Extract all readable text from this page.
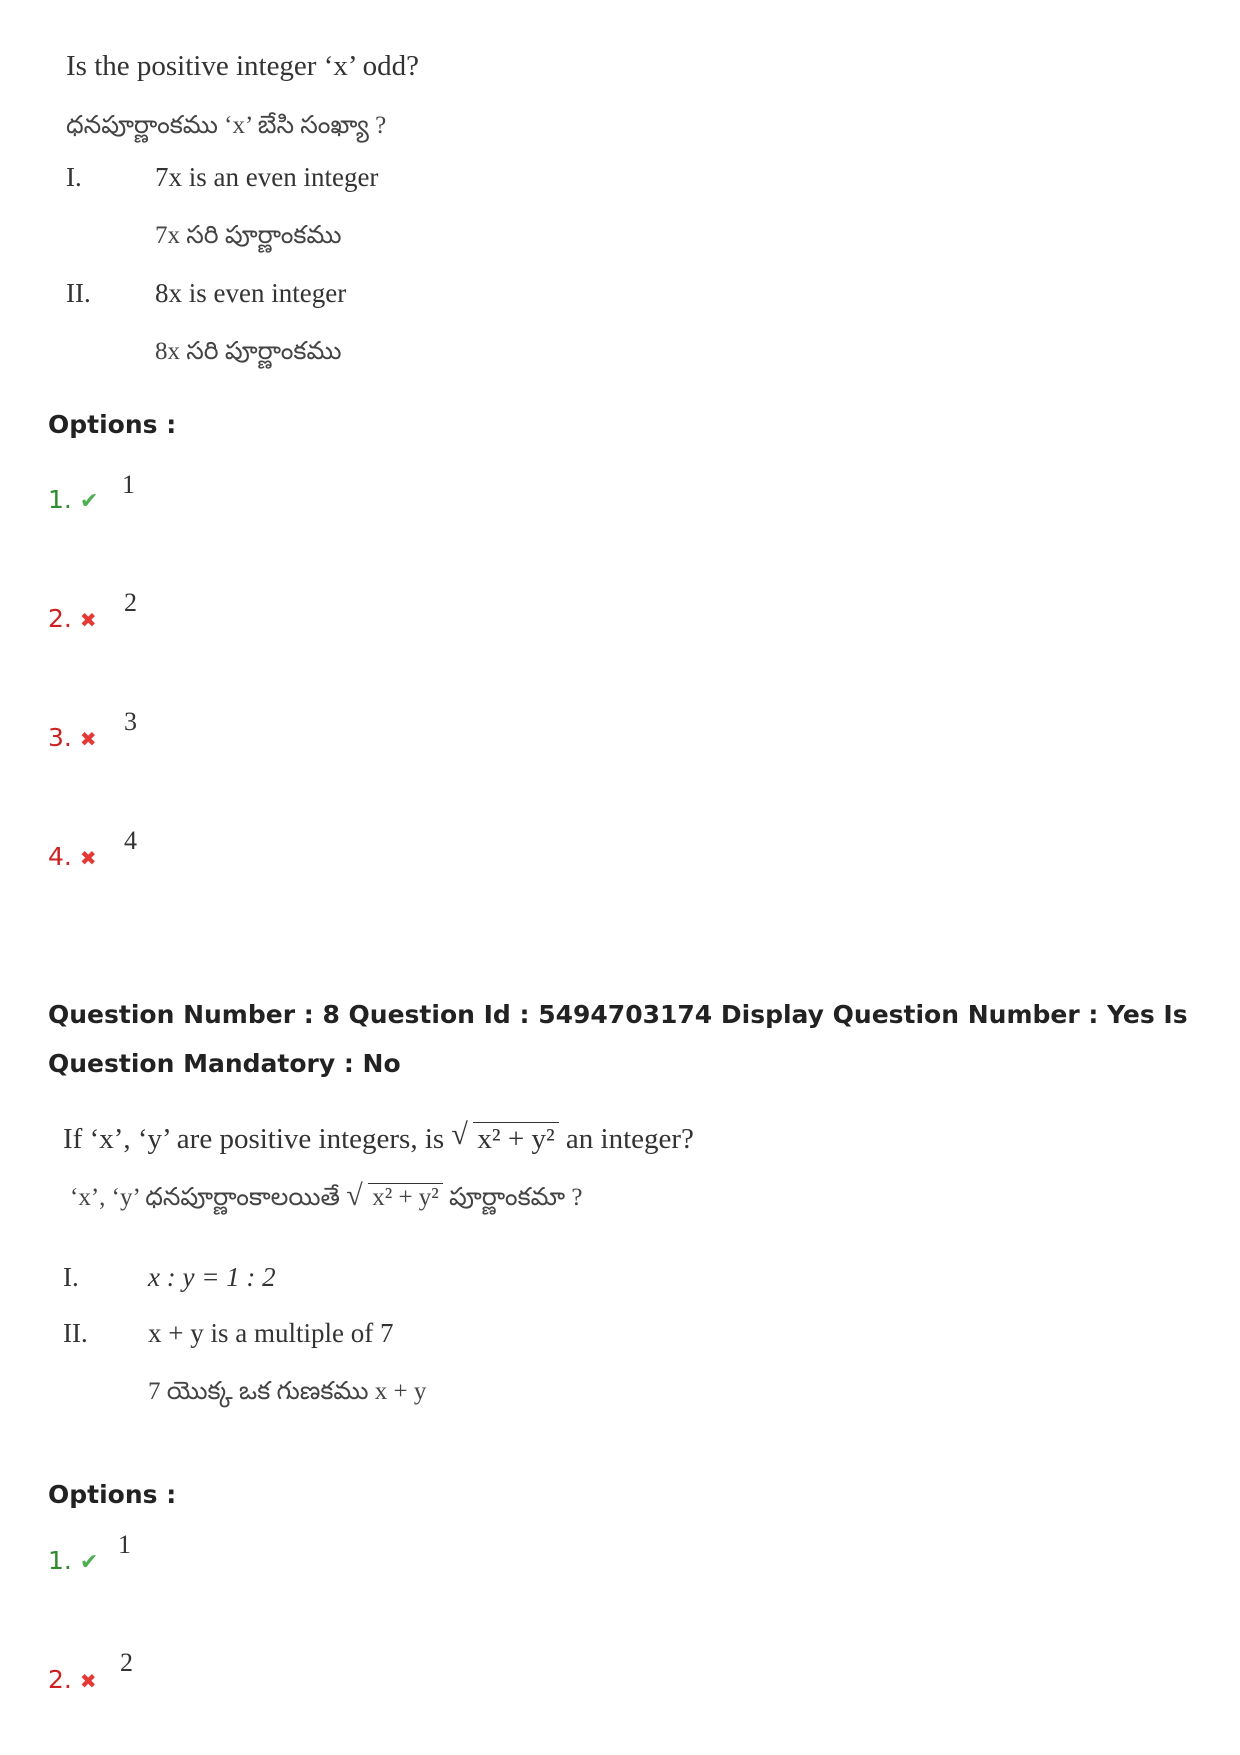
Is the positive integer ‘x’ odd?
ధనపూర్ణాంకము ‘x’ బేసి సంఖ్యా ?
I.	7x is an even integer
7x సరి పూర్ణాంకము
II. 8x is even integer
8x సరి పూర్ణాంకము
Options :
1. ✔
1
2. ✖
2
3. ✖
3
4. ✖
4
Question Number : 8 Question Id : 5494703174 Display Question Number : Yes Is Question Mandatory : No
If ‘x’, ‘y’ are positive integers, is √ x² + y² an integer?
‘x’, ‘y’ ధనపూర్ణాంకాలయితే √ x² + y² పూర్ణాంకమా ?
I.	x : y = 1 : 2
II. x + y is a multiple of 7
7 యొక్క ఒక గుణకము x + y
Options :
1. ✔
1
2. ✖
2
